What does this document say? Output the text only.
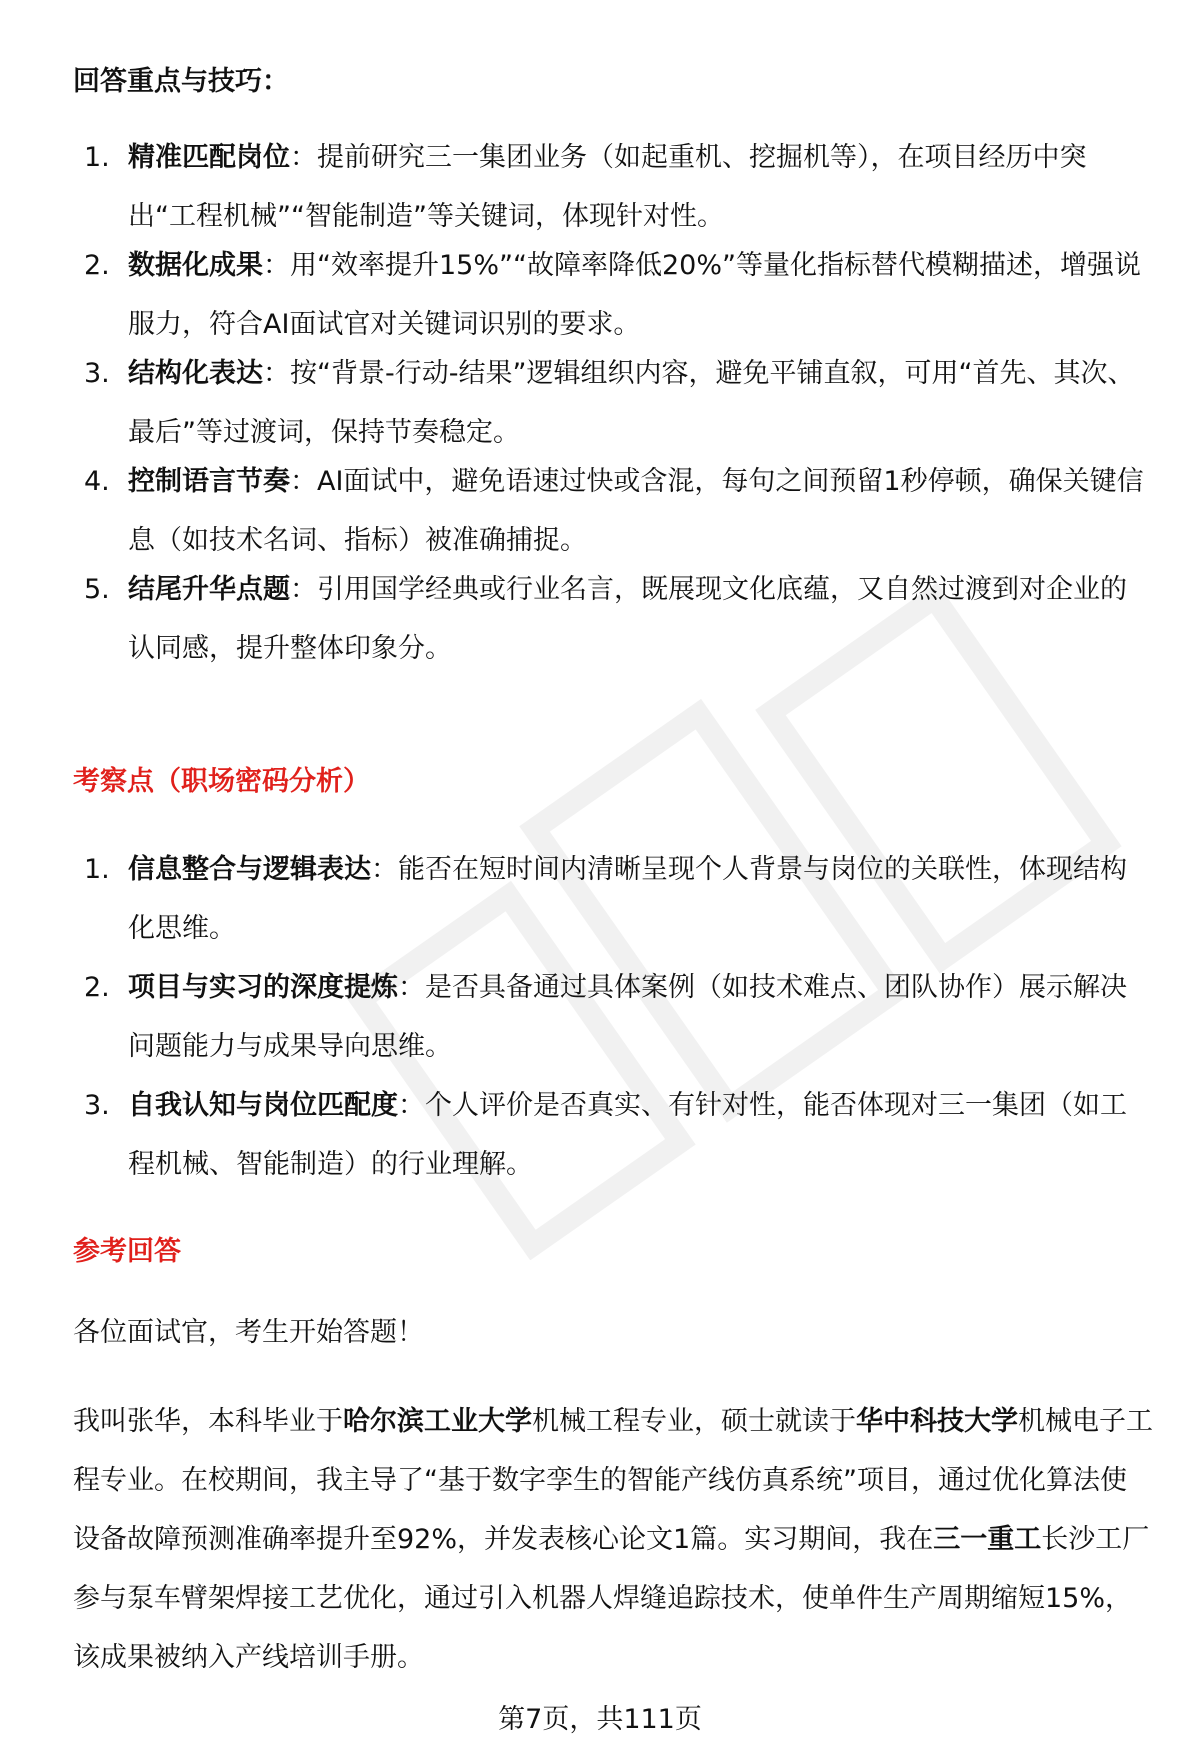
回答重点与技巧：
1. 精准匹配岗位：提前研究三一集团业务（如起重机、挖掘机等），在项目经历中突出“工程机械”“智能制造”等关键词，体现针对性。
2. 数据化成果：用“效率提升15%”“故障率降低20%”等量化指标替代模糊描述，增强说服力，符合AI面试官对关键词识别的要求。
3. 结构化表达：按“背景-行动-结果”逻辑组织内容，避免平铺直叙，可用“首先、其次、最后”等过渡词，保持节奏稳定。
4. 控制语言节奏：AI面试中，避免语速过快或含混，每句之间预留1秒停顿，确保关键信息（如技术名词、指标）被准确捕捉。
5. 结尾升华点题：引用国学经典或行业名言，既展现文化底蕴，又自然过渡到对企业的认同感，提升整体印象分。
考察点（职场密码分析）
1. 信息整合与逻辑表达：能否在短时间内清晰呈现个人背景与岗位的关联性，体现结构化思维。
2. 项目与实习的深度提炼：是否具备通过具体案例（如技术难点、团队协作）展示解决问题能力与成果导向思维。
3. 自我认知与岗位匹配度：个人评价是否真实、有针对性，能否体现对三一集团（如工程机械、智能制造）的行业理解。
参考回答

各位面试官，考生开始答题！

我叫张华，本科毕业于哈尔滨工业大学机械工程专业，硕士就读于华中科技大学机械电子工程专业。在校期间，我主导了“基于数字孪生的智能产线仿真系统”项目，通过优化算法使设备故障预测准确率提升至92%，并发表核心论文1篇。实习期间，我在三一重工长沙工厂参与泵车臂架焊接工艺优化，通过引入机器人焊缝追踪技术，使单件生产周期缩短15%，该成果被纳入产线培训手册。

第7页，共111页
